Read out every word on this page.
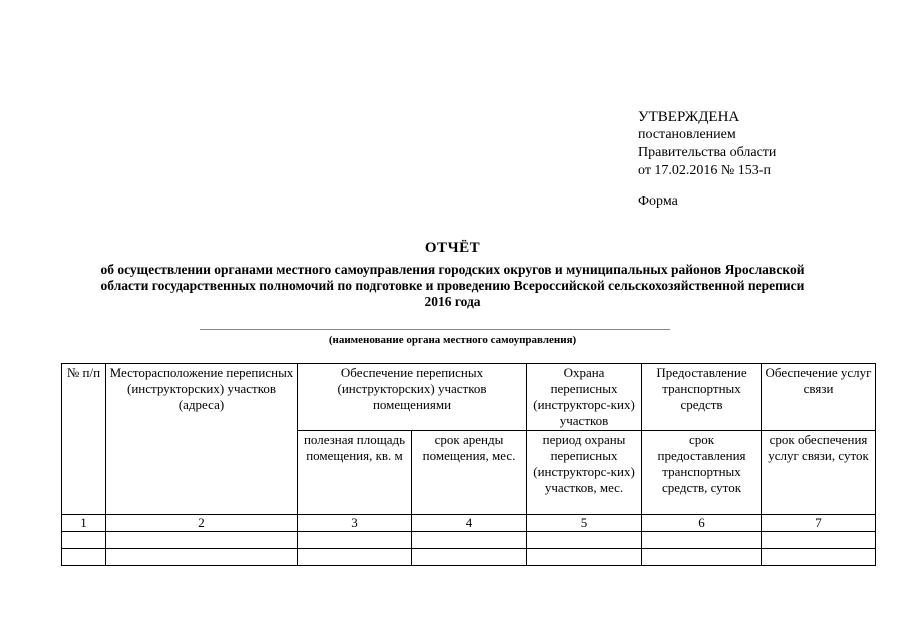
УТВЕРЖДЕНА
постановлением
Правительства области
от 17.02.2016 № 153-п
Форма
ОТЧЁТ
об осуществлении органами местного самоуправления городских округов и муниципальных районов Ярославской области государственных полномочий по подготовке и проведению Всероссийской сельскохозяйственной переписи 2016 года
(наименование органа местного самоуправления)
№ п/п	Месторасположение переписных (инструкторских) участков (адреса)	Обеспечение переписных (инструкторских) участков помещениями		Охрана переписных (инструкторс-ких) участков	Предоставление транспортных средств	Обеспечение услуг связи
		полезная площадь помещения, кв. м	срок аренды помещения, мес.	период охраны переписных (инструкторс-ких) участков, мес.	срок предоставления транспортных средств, суток	срок обеспечения услуг связи, суток
1	2	3	4	5	6	7
